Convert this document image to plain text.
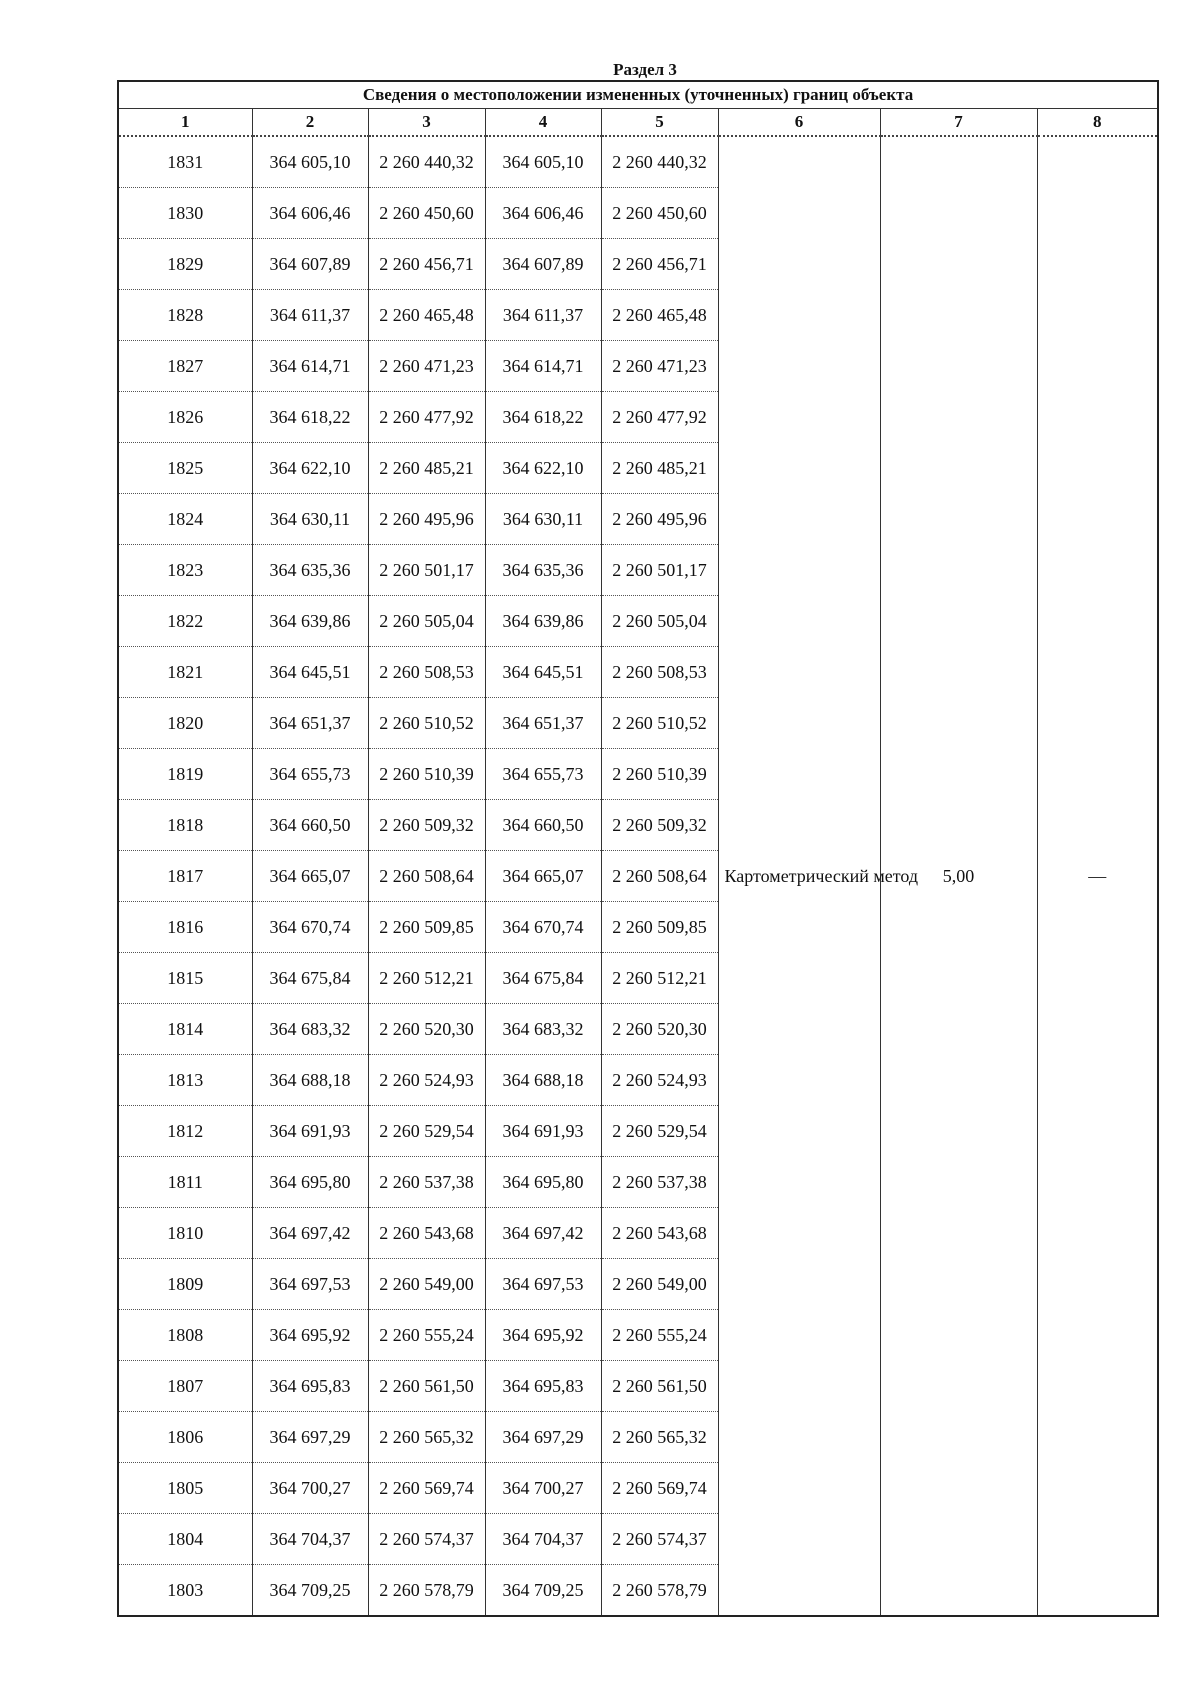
Раздел 3
Сведения о местоположении измененных (уточненных) границ объекта							
1	2	3	4	5	6	7	8
1831	364 605,10	2 260 440,32	364 605,10	2 260 440,32	Картометрический метод	5,00	—
1830	364 606,46	2 260 450,60	364 606,46	2 260 450,60			
1829	364 607,89	2 260 456,71	364 607,89	2 260 456,71			
1828	364 611,37	2 260 465,48	364 611,37	2 260 465,48			
1827	364 614,71	2 260 471,23	364 614,71	2 260 471,23			
1826	364 618,22	2 260 477,92	364 618,22	2 260 477,92			
1825	364 622,10	2 260 485,21	364 622,10	2 260 485,21			
1824	364 630,11	2 260 495,96	364 630,11	2 260 495,96			
1823	364 635,36	2 260 501,17	364 635,36	2 260 501,17			
1822	364 639,86	2 260 505,04	364 639,86	2 260 505,04			
1821	364 645,51	2 260 508,53	364 645,51	2 260 508,53			
1820	364 651,37	2 260 510,52	364 651,37	2 260 510,52			
1819	364 655,73	2 260 510,39	364 655,73	2 260 510,39			
1818	364 660,50	2 260 509,32	364 660,50	2 260 509,32			
1817	364 665,07	2 260 508,64	364 665,07	2 260 508,64			
1816	364 670,74	2 260 509,85	364 670,74	2 260 509,85			
1815	364 675,84	2 260 512,21	364 675,84	2 260 512,21			
1814	364 683,32	2 260 520,30	364 683,32	2 260 520,30			
1813	364 688,18	2 260 524,93	364 688,18	2 260 524,93			
1812	364 691,93	2 260 529,54	364 691,93	2 260 529,54			
1811	364 695,80	2 260 537,38	364 695,80	2 260 537,38			
1810	364 697,42	2 260 543,68	364 697,42	2 260 543,68			
1809	364 697,53	2 260 549,00	364 697,53	2 260 549,00			
1808	364 695,92	2 260 555,24	364 695,92	2 260 555,24			
1807	364 695,83	2 260 561,50	364 695,83	2 260 561,50			
1806	364 697,29	2 260 565,32	364 697,29	2 260 565,32			
1805	364 700,27	2 260 569,74	364 700,27	2 260 569,74			
1804	364 704,37	2 260 574,37	364 704,37	2 260 574,37			
1803	364 709,25	2 260 578,79	364 709,25	2 260 578,79			
